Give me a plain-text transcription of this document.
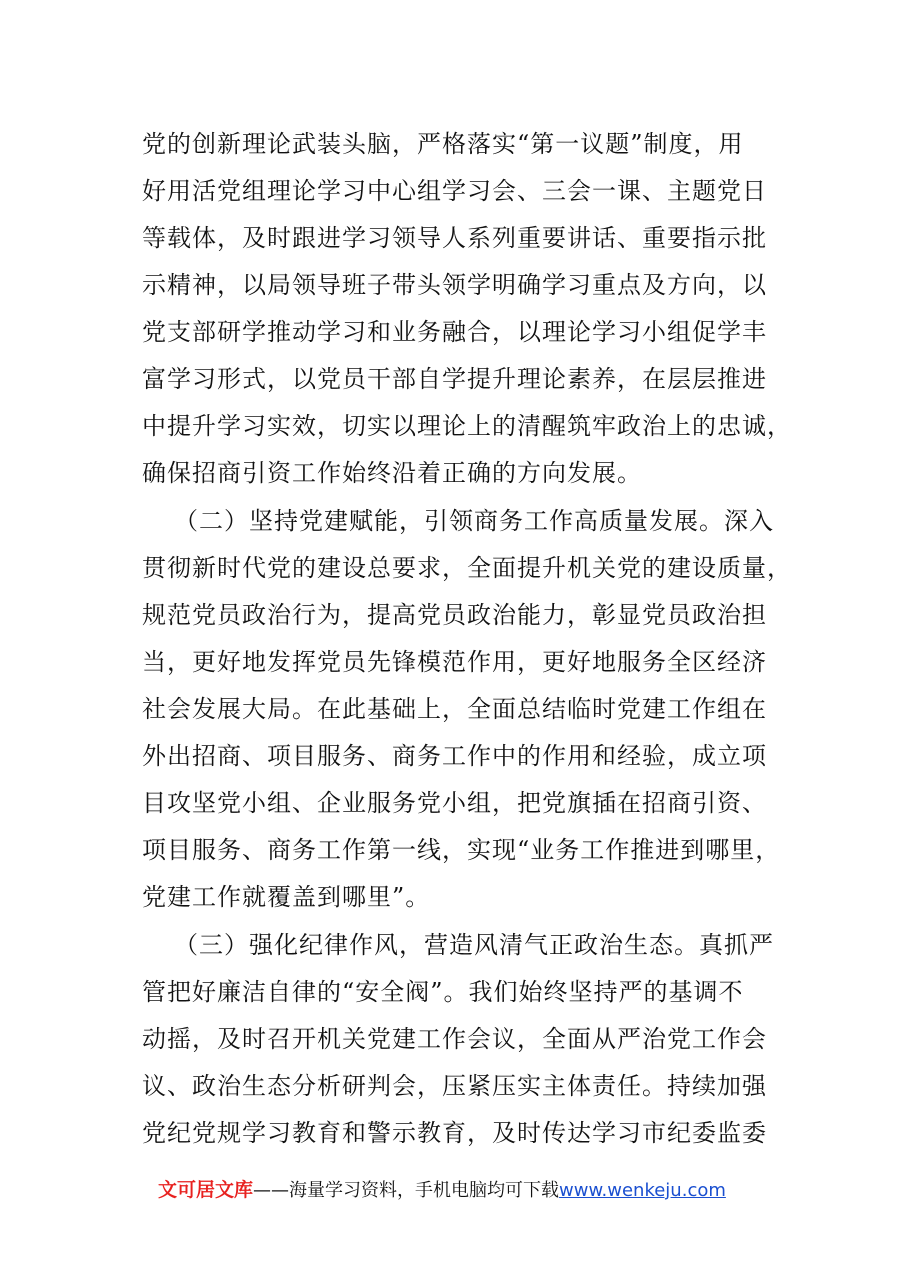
党的创新理论武装头脑，严格落实“第一议题”制度，用

好用活党组理论学习中心组学习会、三会一课、主题党日

等载体，及时跟进学习领导人系列重要讲话、重要指示批

示精神，以局领导班子带头领学明确学习重点及方向，以

党支部研学推动学习和业务融合，以理论学习小组促学丰

富学习形式，以党员干部自学提升理论素养，在层层推进

中提升学习实效，切实以理论上的清醒筑牢政治上的忠诚，

确保招商引资工作始终沿着正确的方向发展。

（二）坚持党建赋能，引领商务工作高质量发展。深入

贯彻新时代党的建设总要求，全面提升机关党的建设质量，

规范党员政治行为，提高党员政治能力，彰显党员政治担

当，更好地发挥党员先锋模范作用，更好地服务全区经济

社会发展大局。在此基础上，全面总结临时党建工作组在

外出招商、项目服务、商务工作中的作用和经验，成立项

目攻坚党小组、企业服务党小组，把党旗插在招商引资、

项目服务、商务工作第一线，实现“业务工作推进到哪里，

党建工作就覆盖到哪里”。

（三）强化纪律作风，营造风清气正政治生态。真抓严

管把好廉洁自律的“安全阀”。我们始终坚持严的基调不

动摇，及时召开机关党建工作会议，全面从严治党工作会

议、政治生态分析研判会，压紧压实主体责任。持续加强

党纪党规学习教育和警示教育，及时传达学习市纪委监委

文可居文库——海量学习资料，手机电脑均可下载www.wenkeju.com
